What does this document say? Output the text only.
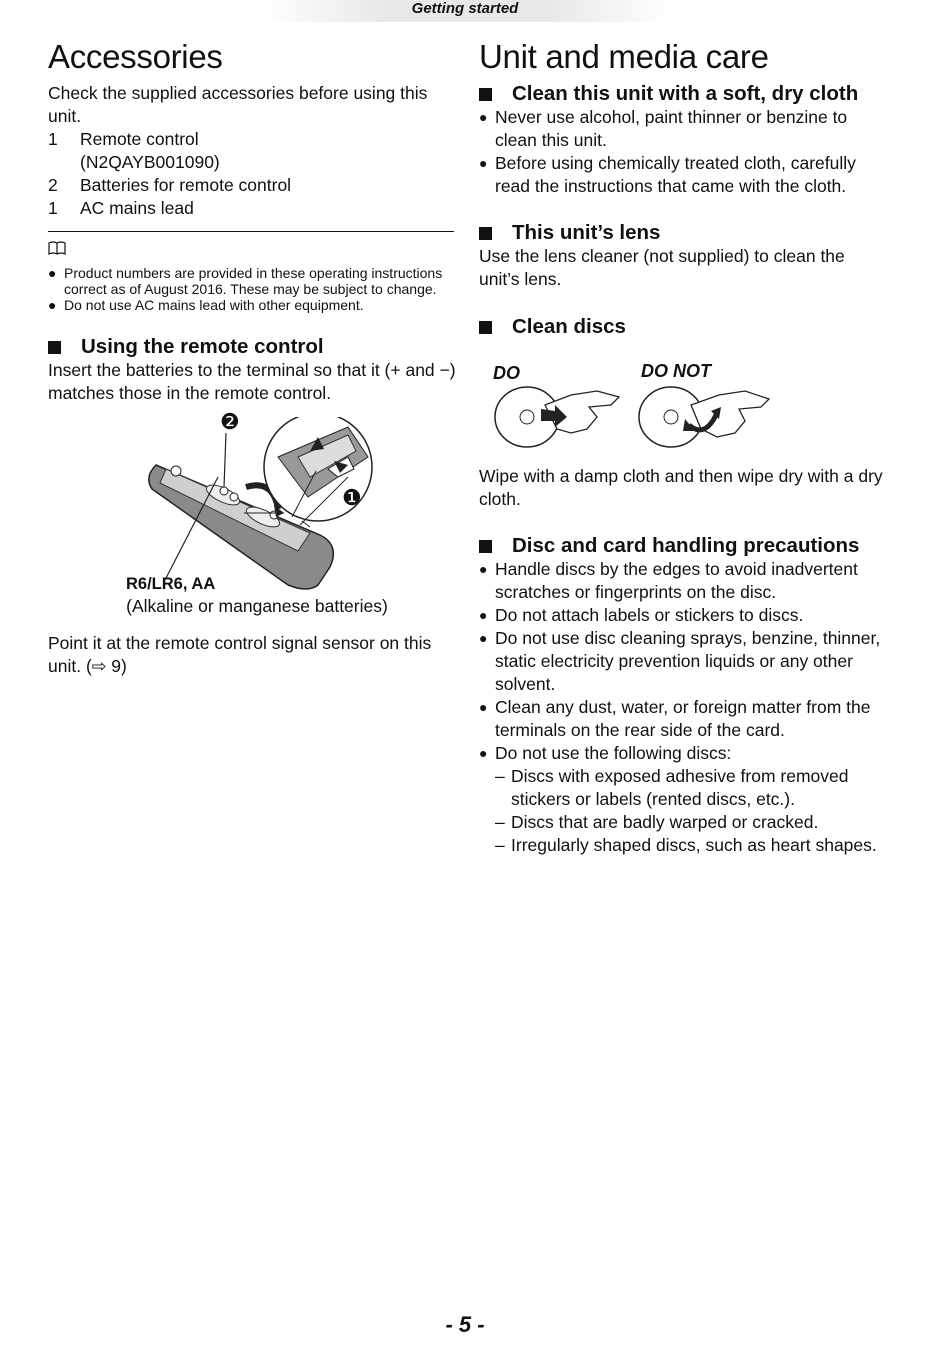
Getting started
Accessories

Check the supplied accessories before using this unit.

1	Remote control
(N2QAYB001090)
2	Batteries for remote control
1	AC mains lead
● Product numbers are provided in these operating instructions correct as of August 2016. These may be subject to change.
● Do not use AC mains lead with other equipment.
Using the remote control

Insert the batteries to the terminal so that it (+ and −) matches those in the remote control.

❷
❶
R6/LR6, AA
(Alkaline or manganese batteries)

Point it at the remote control signal sensor on this unit. (⇨ 9)

Unit and media care
Clean this unit with a soft, dry cloth
● Never use alcohol, paint thinner or benzine to clean this unit.
● Before using chemically treated cloth, carefully read the instructions that came with the cloth.
This unit’s lens

Use the lens cleaner (not supplied) to clean the unit’s lens.

Clean discs
DO	DO NOT

Wipe with a damp cloth and then wipe dry with a dry cloth.

Disc and card handling precautions
● Handle discs by the edges to avoid inadvertent scratches or fingerprints on the disc.
● Do not attach labels or stickers to discs.
● Do not use disc cleaning sprays, benzine, thinner, static electricity prevention liquids or any other solvent.
● Clean any dust, water, or foreign matter from the terminals on the rear side of the card.
● Do not use the following discs:
– Discs with exposed adhesive from removed stickers or labels (rented discs, etc.).
– Discs that are badly warped or cracked.
– Irregularly shaped discs, such as heart shapes.
- 5 -
